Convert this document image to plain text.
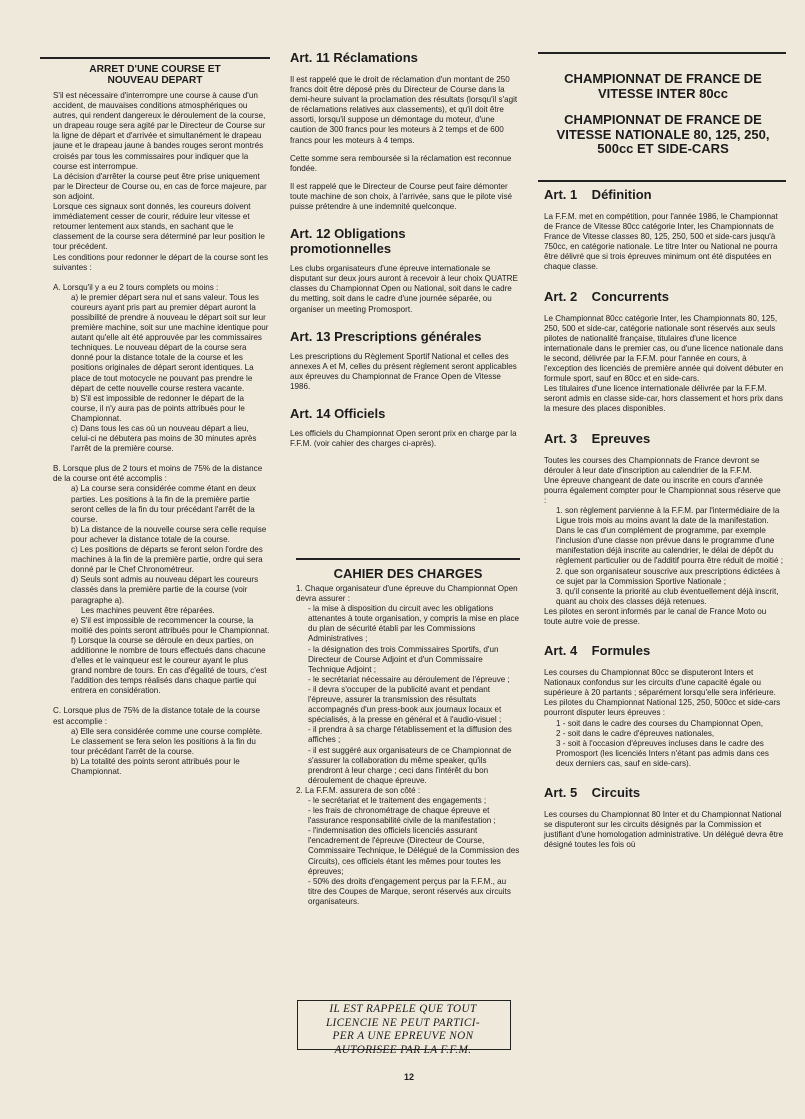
ARRET D'UNE COURSE ET
NOUVEAU DEPART

S'il est nécessaire d'interrompre une course à cause d'un accident, de mauvaises conditions atmosphériques ou autres, qui rendent dangereux le déroulement de la course, un drapeau rouge sera agité par le Directeur de Course sur la ligne de départ et d'arrivée et simultanément le drapeau jaune et le drapeau jaune à bandes rouges seront montrés croisés par tous les commissaires pour indiquer que la course est interrompue.

La décision d'arrêter la course peut être prise uniquement par le Directeur de Course ou, en cas de force majeure, par son adjoint.

Lorsque ces signaux sont donnés, les coureurs doivent immédiatement cesser de courir, réduire leur vitesse et retourner lentement aux stands, en sachant que le classement de la course sera déterminé par leur position le tour précédent.

Les conditions pour redonner le départ de la course sont les suivantes :

A. Lorsqu'il y a eu 2 tours complets ou moins :

a) le premier départ sera nul et sans valeur. Tous les coureurs ayant pris part au premier départ auront la possibilité de prendre à nouveau le départ soit sur leur première machine, soit sur une machine identique pour autant qu'elle ait été approuvée par les commissaires techniques. Le nouveau départ de la course sera donné pour la distance totale de la course et les positions originales de départ seront identiques. La place de tout motocycle ne pouvant pas prendre le départ de cette nouvelle course restera vacante.

b) S'il est impossible de redonner le départ de la course, il n'y aura pas de points attribués pour le Championnat.

c) Dans tous les cas où un nouveau départ a lieu, celui-ci ne débutera pas moins de 30 minutes après l'arrêt de la première course.

B. Lorsque plus de 2 tours et moins de 75% de la distance de la course ont été accomplis :

a) La course sera considérée comme étant en deux parties. Les positions à la fin de la première partie seront celles de la fin du tour précédant l'arrêt de la course.

b) La distance de la nouvelle course sera celle requise pour achever la distance totale de la course.

c) Les positions de départs se feront selon l'ordre des machines à la fin de la première partie, ordre qui sera donné par le Chef Chronométreur.

d) Seuls sont admis au nouveau départ les coureurs classés dans la première partie de la course (voir paragraphe a).

Les machines peuvent être réparées.

e) S'il est impossible de recommencer la course, la moitié des points seront attribués pour le Championnat.

f) Lorsque la course se déroule en deux parties, on additionne le nombre de tours effectués dans chacune d'elles et le vainqueur est le coureur ayant le plus grand nombre de tours. En cas d'égalité de tours, c'est l'addition des temps réalisés dans chaque partie qui entrera en considération.

C. Lorsque plus de 75% de la distance totale de la course est accomplie :

a) Elle sera considérée comme une course complète. Le classement se fera selon les positions à la fin du tour précédant l'arrêt de la course.

b) La totalité des points seront attribués pour le Championnat.

Art. 11 Réclamations

Il est rappelé que le droit de réclamation d'un montant de 250 francs doit être déposé près du Directeur de Course dans la demi-heure suivant la proclamation des résultats (lorsqu'il s'agit de réclamations relatives aux classements), et qu'il doit être assorti, lorsqu'il suppose un démontage du moteur, d'une caution de 300 francs pour les moteurs à 2 temps et de 600 francs pour les moteurs à 4 temps.

Cette somme sera remboursée si la réclamation est reconnue fondée.

Il est rappelé que le Directeur de Course peut faire démonter toute machine de son choix, à l'arrivée, sans que le pilote visé puisse prétendre à une indemnité quelconque.

Art. 12 Obligations
promotionnelles

Les clubs organisateurs d'une épreuve internationale se disputant sur deux jours auront à recevoir à leur choix QUATRE classes du Championnat Open ou National, soit dans le cadre du metting, soit dans le cadre d'une journée séparée, ou organiser un meeting Promosport.

Art. 13 Prescriptions générales

Les prescriptions du Règlement Sportif National et celles des annexes A et M, celles du présent règlement seront applicables aux épreuves du Championnat de France Open de Vitesse 1986.

Art. 14 Officiels

Les officiels du Championnat Open seront prix en charge par la F.F.M. (voir cahier des charges ci-après).

CAHIER DES CHARGES

1. Chaque organisateur d'une épreuve du Championnat Open devra assurer :

- la mise à disposition du circuit avec les obligations attenantes à toute organisation, y compris la mise en place du plan de sécurité établi par les Commissions Administratives ;

- la désignation des trois Commissaires Sportifs, d'un Directeur de Course Adjoint et d'un Commissaire Technique Adjoint ;

- le secrétariat nécessaire au déroulement de l'épreuve ;

- il devra s'occuper de la publicité avant et pendant l'épreuve, assurer la transmission des résultats accompagnés d'un press-book aux journaux locaux et spécialisés, à la presse en général et à l'audio-visuel ;

- il prendra à sa charge l'établissement et la diffusion des affiches ;

- il est suggéré aux organisateurs de ce Championnat de s'assurer la collaboration du même speaker, qu'ils prendront à leur charge ; ceci dans l'intérêt du bon déroulement de chaque épreuve.

2. La F.F.M. assurera de son côté :

- le secrétariat et le traitement des engagements ;

- les frais de chronométrage de chaque épreuve et l'assurance responsabilité civile de la manifestation ;

- l'indemnisation des officiels licenciés assurant l'encadrement de l'épreuve (Directeur de Course, Commissaire Technique, le Délégué de la Commission des Circuits), ces officiels étant les mêmes pour toutes les épreuves;

- 50% des droits d'engagement perçus par la F.F.M., au titre des Coupes de Marque, seront réservés aux circuits organisateurs.

IL EST RAPPELE QUE TOUT
LICENCIE NE PEUT PARTICI-
PER A UNE EPREUVE NON
AUTORISEE PAR LA F.F.M.
CHAMPIONNAT DE FRANCE DE VITESSE INTER 80cc
CHAMPIONNAT DE FRANCE DE VITESSE NATIONALE 80, 125, 250, 500cc ET SIDE-CARS

Art. 1    Définition

La F.F.M. met en compétition, pour l'année 1986, le Championnat de France de Vitesse 80cc catégorie Inter, les Championnats de France de Vitesse classes 80, 125, 250, 500 et side-cars jusqu'à 750cc, en catégorie nationale. Le titre Inter ou National ne pourra être délivré que si trois épreuves minimum ont été disputées en chaque classe.

Art. 2    Concurrents

Le Championnat 80cc catégorie Inter, les Championnats 80, 125, 250, 500 et side-car, catégorie nationale sont réservés aux seuls pilotes de nationalité française, titulaires d'une licence internationale dans le premier cas, ou d'une licence nationale dans le second, délivrée par la F.F.M. pour l'année en cours, à l'exception des licenciés de première année qui doivent débuter en formule sport, sauf en 80cc et en side-cars.

Les titulaires d'une licence internationale délivrée par la F.F.M. seront admis en classe side-car, hors classement et hors prix dans la mesure des places disponibles.

Art. 3    Epreuves

Toutes les courses des Championnats de France devront se dérouler à leur date d'inscription au calendrier de la F.F.M.

Une épreuve changeant de date ou inscrite en cours d'année pourra également compter pour le Championnat sous réserve que :

1. son règlement parvienne à la F.F.M. par l'intermédiaire de la Ligue trois mois au moins avant la date de la manifestation. Dans le cas d'un complément de programme, par exemple l'inclusion d'une classe non prévue dans le programme d'une manifestation déjà inscrite au calendrier, le délai de dépôt du règlement particulier ou de l'additif pourra être réduit de moitié ;

2. que son organisateur souscrive aux prescriptions édictées à ce sujet par la Commission Sportive Nationale ;

3. qu'il consente la priorité au club éventuellement déjà inscrit, quant au choix des classes déjà retenues.

Les pilotes en seront informés par le canal de France Moto ou toute autre voie de presse.

Art. 4    Formules

Les courses du Championnat 80cc se disputeront Inters et Nationaux confondus sur les circuits d'une capacité égale ou supérieure à 20 partants ; séparément lorsqu'elle sera inférieure. Les pilotes du Championnat National 125, 250, 500cc et side-cars pourront disputer leurs épreuves :

1 - soit dans le cadre des courses du Championnat Open,

2 - soit dans le cadre d'épreuves nationales,

3 - soit à l'occasion d'épreuves incluses dans le cadre des Promosport (les licenciés Inters n'étant pas admis dans ces deux derniers cas, sauf en side-cars).

Art. 5    Circuits

Les courses du Championnat 80 Inter et du Championnat National se disputeront sur les circuits désignés par la Commission et justifiant d'une homologation administrative. Un délégué devra être désigné toutes les fois où

12
